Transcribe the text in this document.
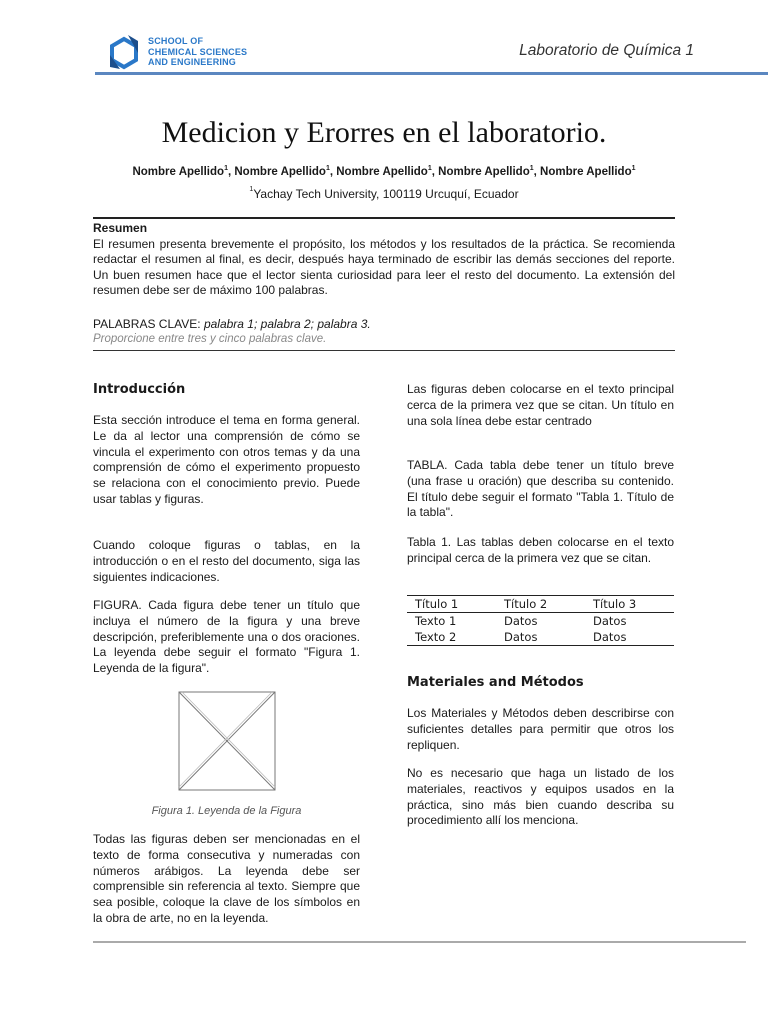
SCHOOL OF
CHEMICAL SCIENCES
AND ENGINEERING
Laboratorio de Química 1
Medicion y Erorres en el laboratorio.
Nombre Apellido$^1$, Nombre Apellido$^1$, Nombre Apellido$^1$, Nombre Apellido$^1$, Nombre Apellido$^1$
$^1$Yachay Tech University, 100119 Urcuquí, Ecuador
Resumen
El resumen presenta brevemente el propósito, los métodos y los resultados de la práctica. Se recomienda redactar el resumen al final, es decir, después haya terminado de escribir las demás secciones del reporte. Un buen resumen hace que el lector sienta curiosidad para leer el resto del documento. La extensión del resumen debe ser de máximo 100 palabras.
PALABRAS CLAVE: palabra 1; palabra 2; palabra 3.
Proporcione entre tres y cinco palabras clave.
Introducción
Esta sección introduce el tema en forma general. Le da al lector una comprensión de cómo se vincula el experimento con otros temas y da una comprensión de cómo el experimento propuesto se relaciona con el conocimiento previo. Puede usar tablas y figuras.
Cuando coloque figuras o tablas, en la introducción o en el resto del documento, siga las siguientes indicaciones.
FIGURA. Cada figura debe tener un título que incluya el número de la figura y una breve descripción, preferiblemente una o dos oraciones. La leyenda debe seguir el formato "Figura 1. Leyenda de la figura".
Figura 1. Leyenda de la Figura
Todas las figuras deben ser mencionadas en el texto de forma consecutiva y numeradas con números arábigos. La leyenda debe ser comprensible sin referencia al texto. Siempre que sea posible, coloque la clave de los símbolos en la obra de arte, no en la leyenda.
Las figuras deben colocarse en el texto principal cerca de la primera vez que se citan. Un título en una sola línea debe estar centrado
TABLA. Cada tabla debe tener un título breve (una frase u oración) que describa su contenido. El título debe seguir el formato "Tabla 1. Título de la tabla".
Tabla 1. Las tablas deben colocarse en el texto principal cerca de la primera vez que se citan.
Título 1	Título 2	Título 3
Texto 1	Datos	Datos
Texto 2	Datos	Datos
Materiales and Métodos
Los Materiales y Métodos deben describirse con suficientes detalles para permitir que otros los repliquen.
No es necesario que haga un listado de los materiales, reactivos y equipos usados en la práctica, sino más bien cuando describa su procedimiento allí los menciona.
